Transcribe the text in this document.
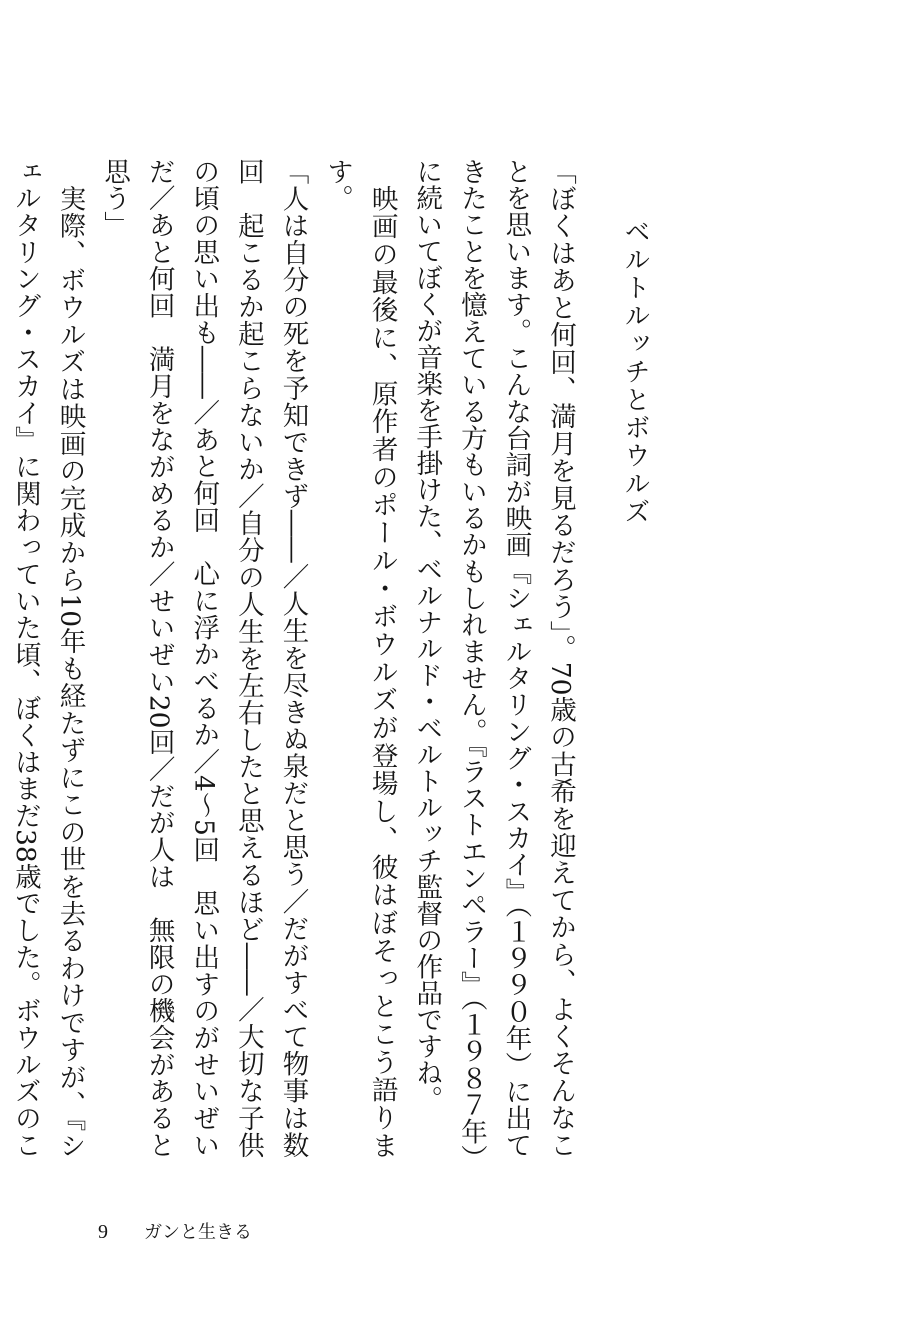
ベルトルッチとボウルズ

「ぼくはあと何回、満月を見るだろう」。70歳の古希を迎えてから、よくそんなことを思います。こんな台詞が映画『シェルタリング・スカイ』（１９９０年）に出てきたことを憶えている方もいるかもしれません。『ラストエンペラー』（１９８７年）に続いてぼくが音楽を手掛けた、ベルナルド・ベルトルッチ監督の作品ですね。

映画の最後に、原作者のポール・ボウルズが登場し、彼はぼそっとこう語ります。

「人は自分の死を予知できず――／人生を尽きぬ泉だと思う／だがすべて物事は数回　起こるか起こらないか／自分の人生を左右したと思えるほど――／大切な子供の頃の思い出も――／あと何回　心に浮かべるか／4～5回　思い出すのがせいぜいだ／あと何回　満月をながめるか／せいぜい20回／だが人は　無限の機会があると思う」

実際、ボウルズは映画の完成から10年も経たずにこの世を去るわけですが、『シェルタリング・スカイ』に関わっていた頃、ぼくはまだ38歳でした。ボウルズのこ

9 ガンと生きる
